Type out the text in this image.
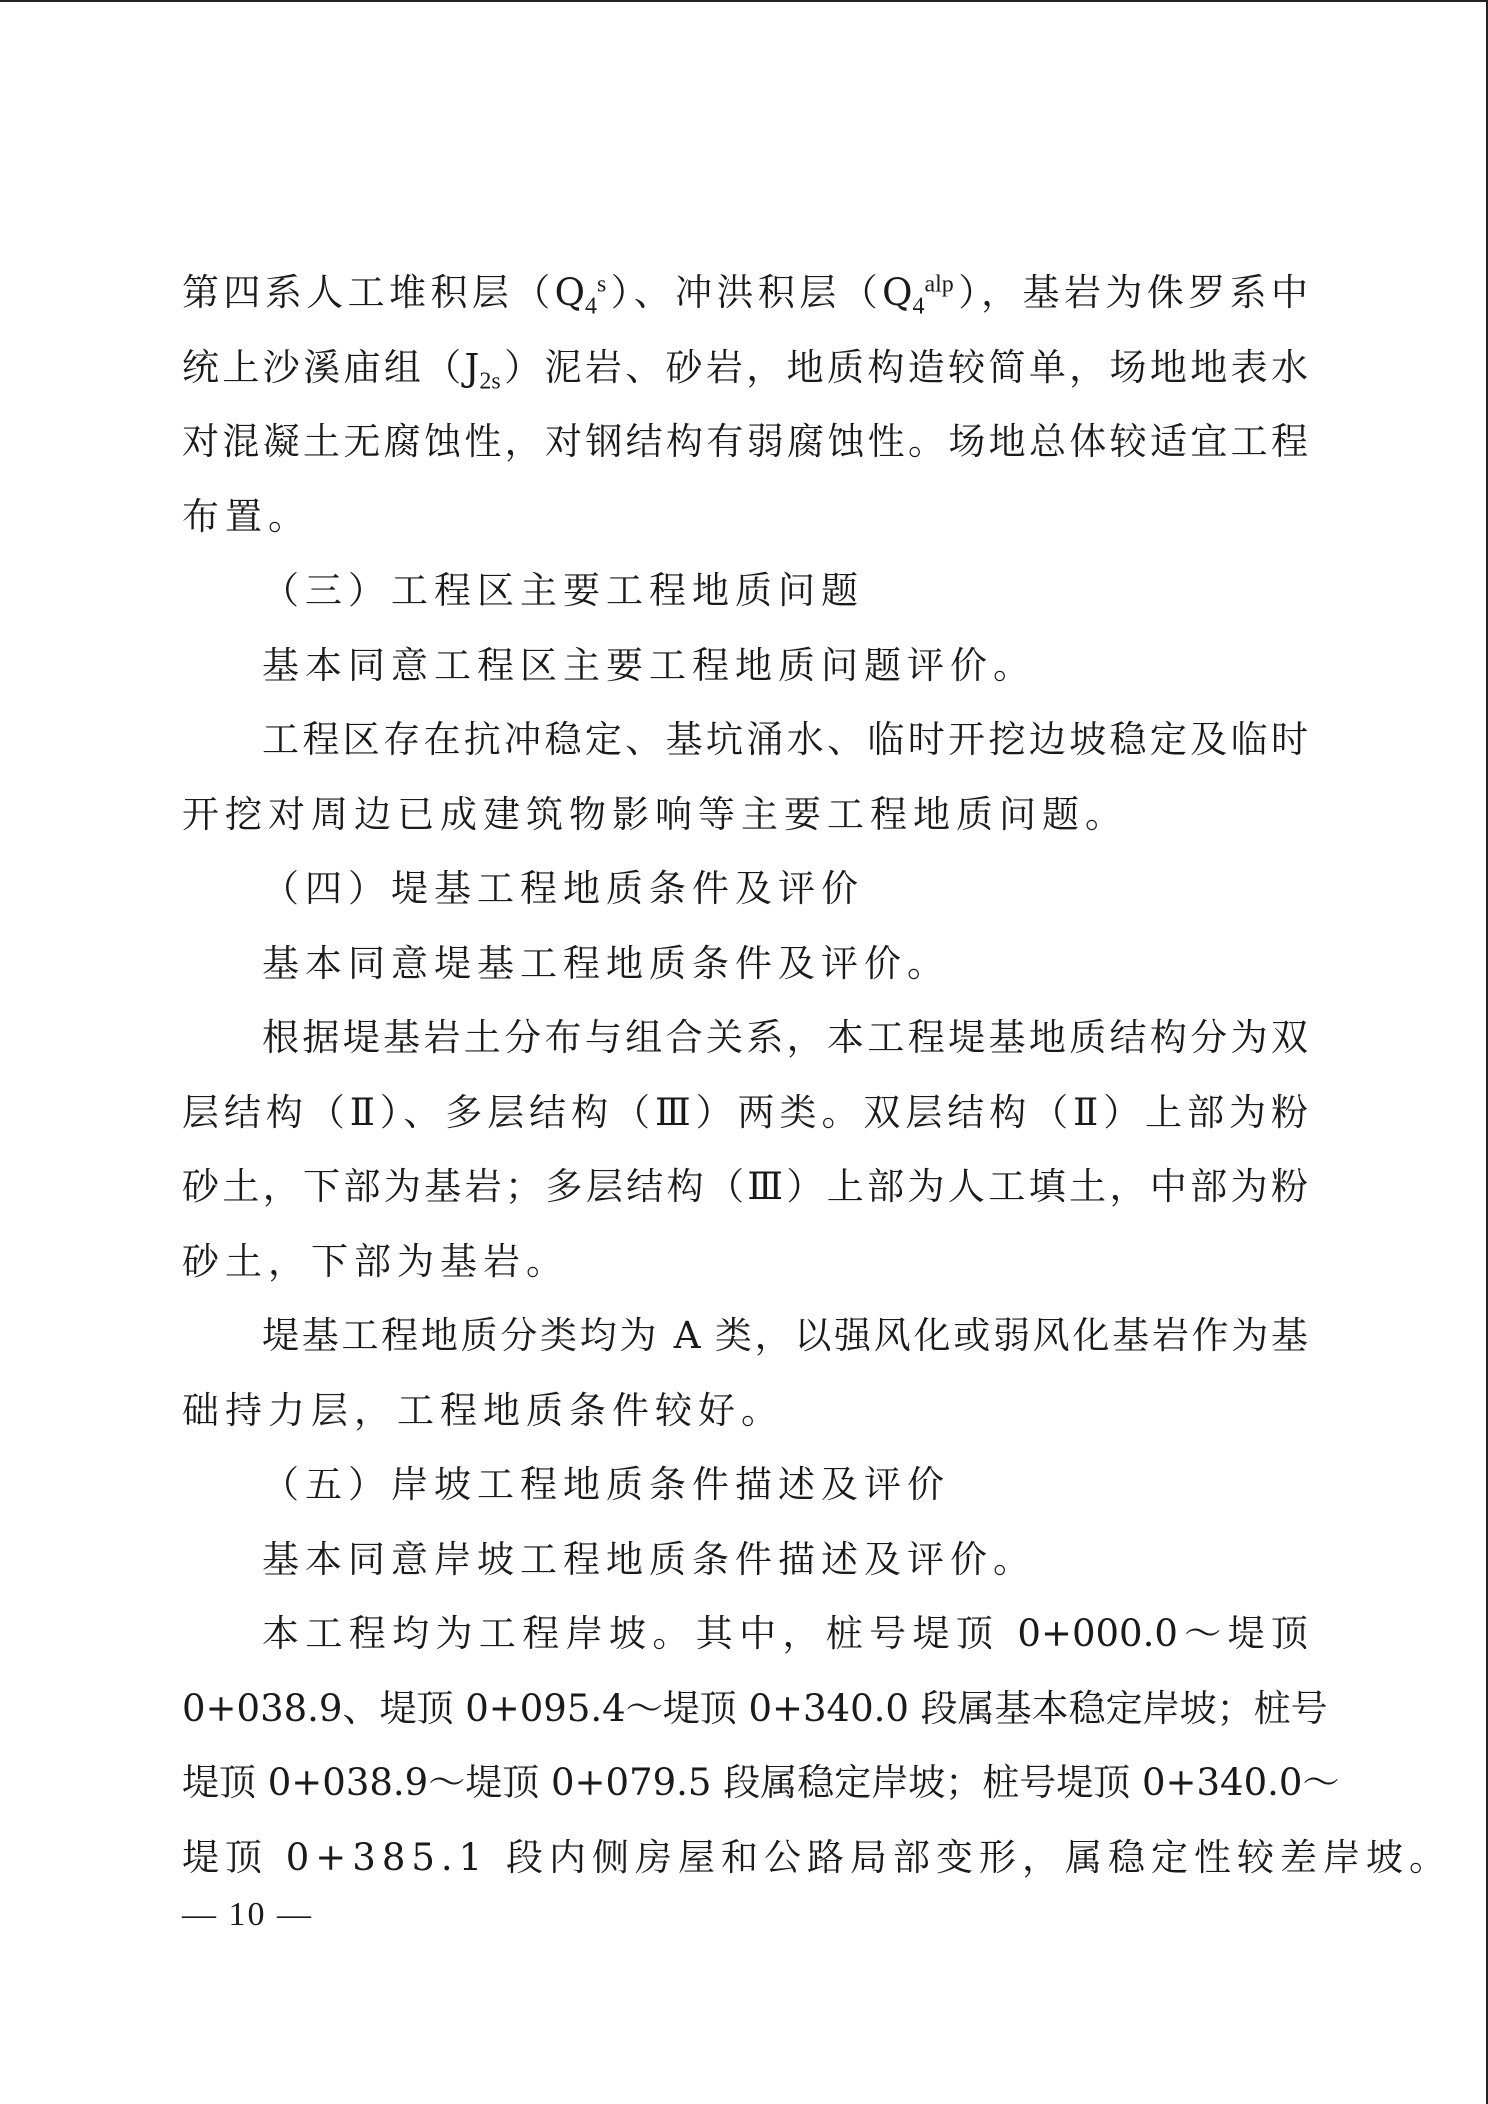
第四系人工堆积层$(Q_4^s)$、冲洪积层$(Q_4^{alp})$，基岩为侏罗系中
统上沙溪庙组$(J_{2s})$泥岩、砂岩，地质构造较简单，场地地表水
对混凝土无腐蚀性，对钢结构有弱腐蚀性。场地总体较适宜工程
布置。
（三）工程区主要工程地质问题
基本同意工程区主要工程地质问题评价。
工程区存在抗冲稳定、基坑涌水、临时开挖边坡稳定及临时
开挖对周边已成建筑物影响等主要工程地质问题。
（四）堤基工程地质条件及评价
基本同意堤基工程地质条件及评价。
根据堤基岩土分布与组合关系，本工程堤基地质结构分为双
层结构（Ⅱ）、多层结构（Ⅲ）两类。双层结构（Ⅱ）上部为粉
砂土，下部为基岩；多层结构（Ⅲ）上部为人工填土，中部为粉
砂土，下部为基岩。
堤基工程地质分类均为 A 类，以强风化或弱风化基岩作为基
础持力层，工程地质条件较好。
（五）岸坡工程地质条件描述及评价
基本同意岸坡工程地质条件描述及评价。
本工程均为工程岸坡。其中，桩号堤顶 0+000.0～堤顶
0+038.9、堤顶 0+095.4～堤顶 0+340.0 段属基本稳定岸坡；桩号
堤顶 0+038.9～堤顶 0+079.5 段属稳定岸坡；桩号堤顶 0+340.0～
堤顶 0+385.1 段内侧房屋和公路局部变形，属稳定性较差岸坡。
— 10 —
